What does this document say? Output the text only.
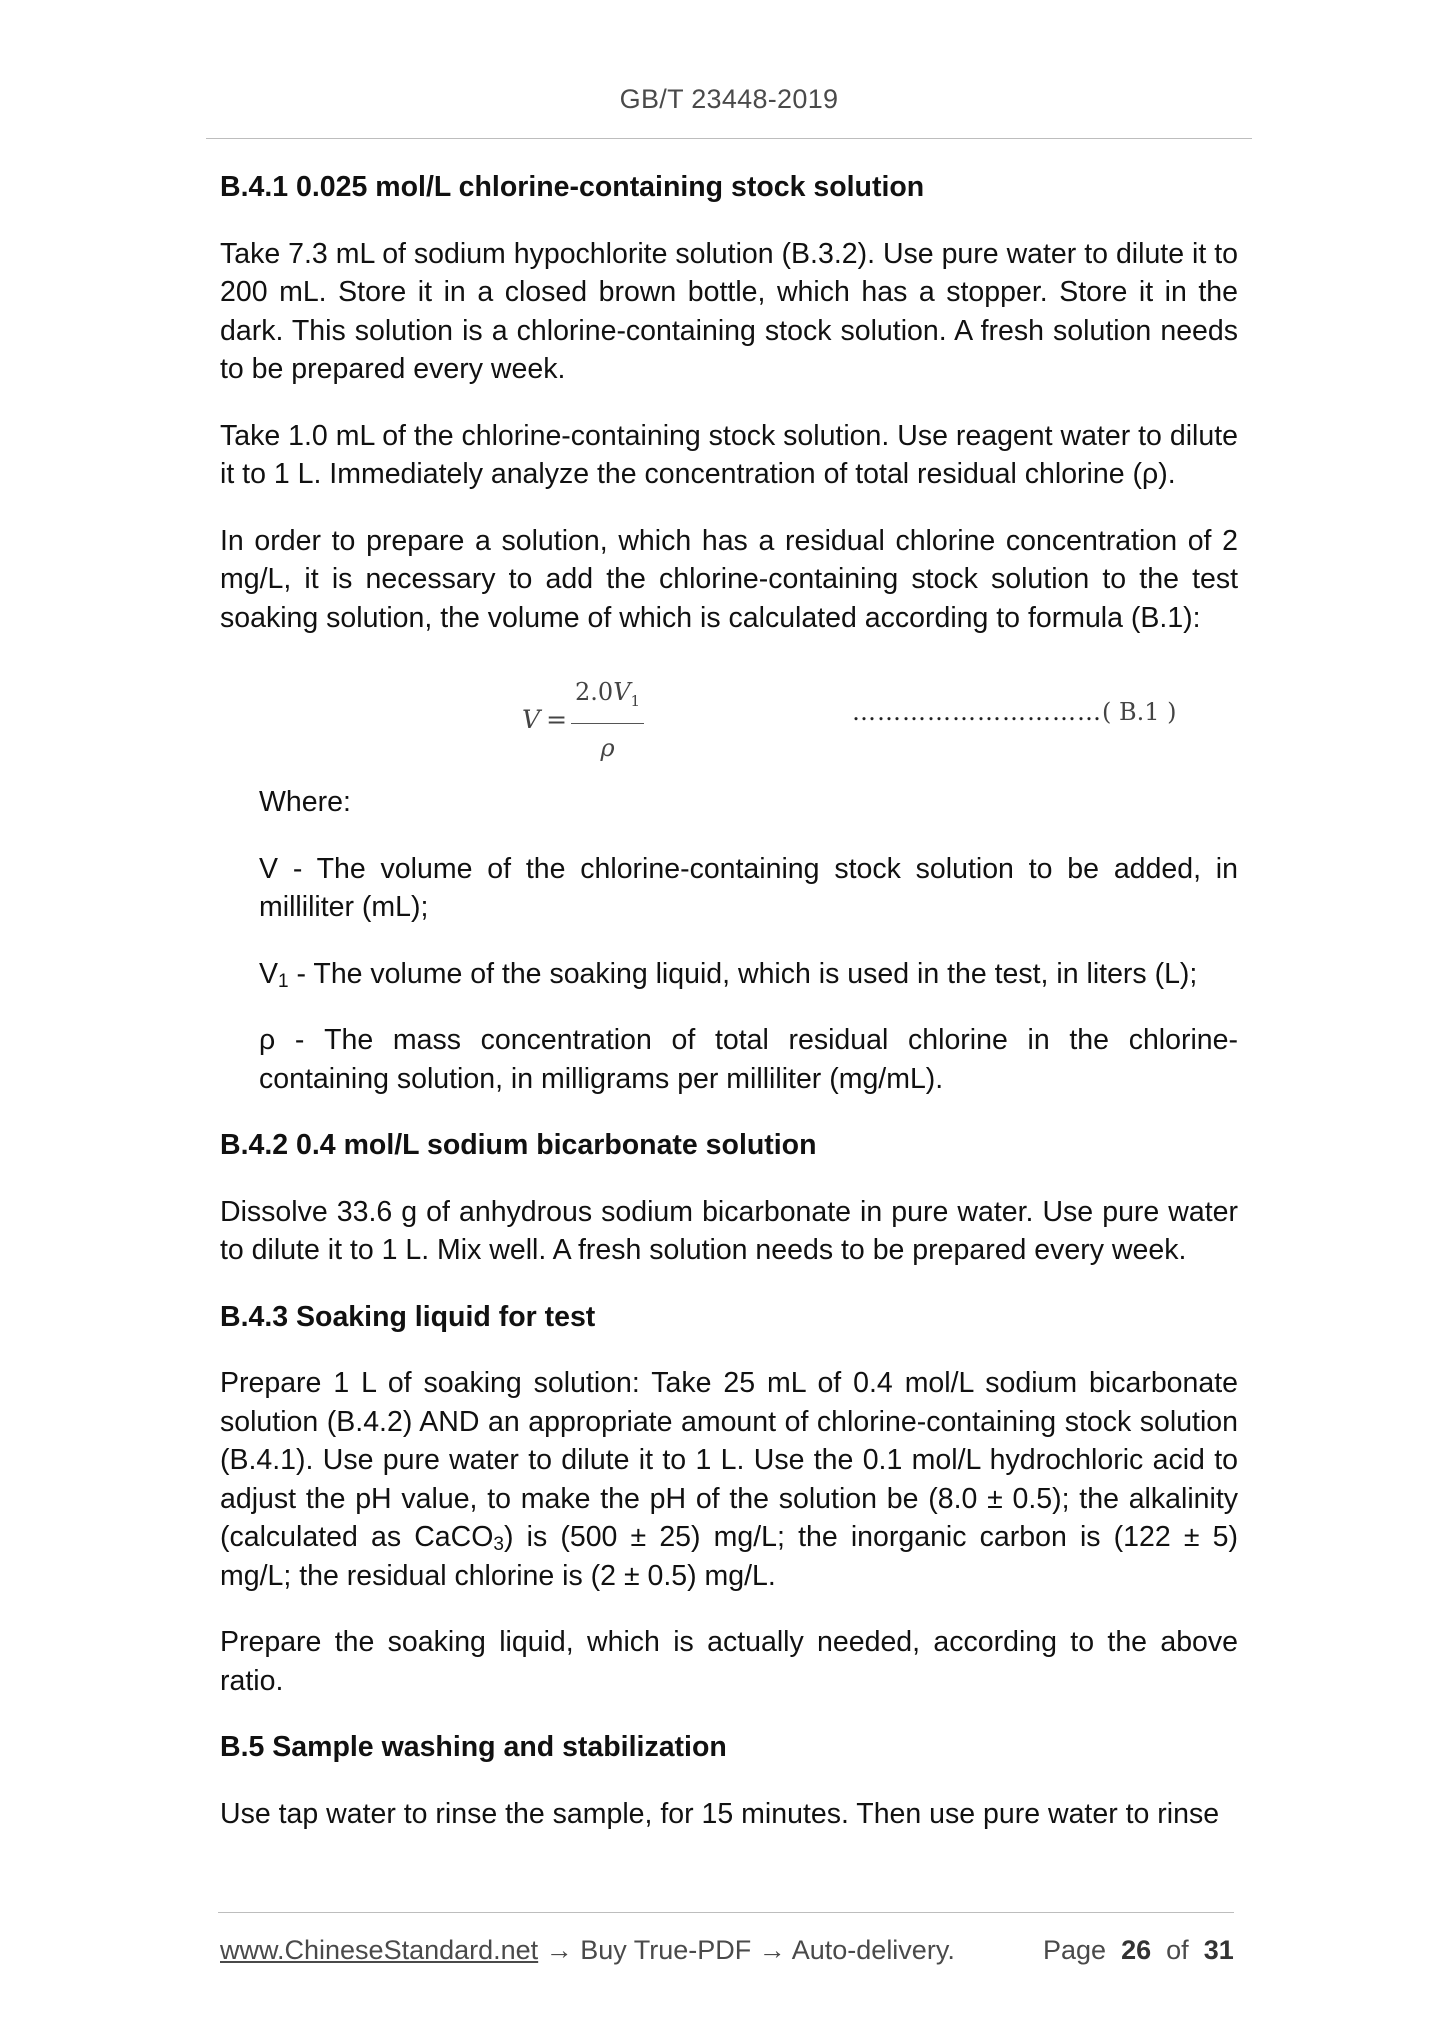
GB/T 23448-2019
B.4.1 0.025 mol/L chlorine-containing stock solution

Take 7.3 mL of sodium hypochlorite solution (B.3.2). Use pure water to dilute it to 200 mL. Store it in a closed brown bottle, which has a stopper. Store it in the dark. This solution is a chlorine-containing stock solution. A fresh solution needs to be prepared every week.

Take 1.0 mL of the chlorine-containing stock solution. Use reagent water to dilute it to 1 L. Immediately analyze the concentration of total residual chlorine (ρ).

In order to prepare a solution, which has a residual chlorine concentration of 2 mg/L, it is necessary to add the chlorine-containing stock solution to the test soaking solution, the volume of which is calculated according to formula (B.1):

$V = \frac{2.0V_1}{\rho}$	…………………………( B.1 )

Where:

V - The volume of the chlorine-containing stock solution to be added, in milliliter (mL);

$V_1$ - The volume of the soaking liquid, which is used in the test, in liters (L);

ρ - The mass concentration of total residual chlorine in the chlorine-containing solution, in milligrams per milliliter (mg/mL).

B.4.2 0.4 mol/L sodium bicarbonate solution

Dissolve 33.6 g of anhydrous sodium bicarbonate in pure water. Use pure water to dilute it to 1 L. Mix well. A fresh solution needs to be prepared every week.

B.4.3 Soaking liquid for test

Prepare 1 L of soaking solution: Take 25 mL of 0.4 mol/L sodium bicarbonate solution (B.4.2) AND an appropriate amount of chlorine-containing stock solution (B.4.1). Use pure water to dilute it to 1 L. Use the 0.1 mol/L hydrochloric acid to adjust the pH value, to make the pH of the solution be (8.0 ± 0.5); the alkalinity (calculated as CaCO$_3$) is (500 ± 25) mg/L; the inorganic carbon is (122 ± 5) mg/L; the residual chlorine is (2 ± 0.5) mg/L.

Prepare the soaking liquid, which is actually needed, according to the above ratio.

B.5 Sample washing and stabilization

Use tap water to rinse the sample, for 15 minutes. Then use pure water to rinse

www.ChineseStandard.net → Buy True-PDF → Auto-delivery.	Page 26 of 31
